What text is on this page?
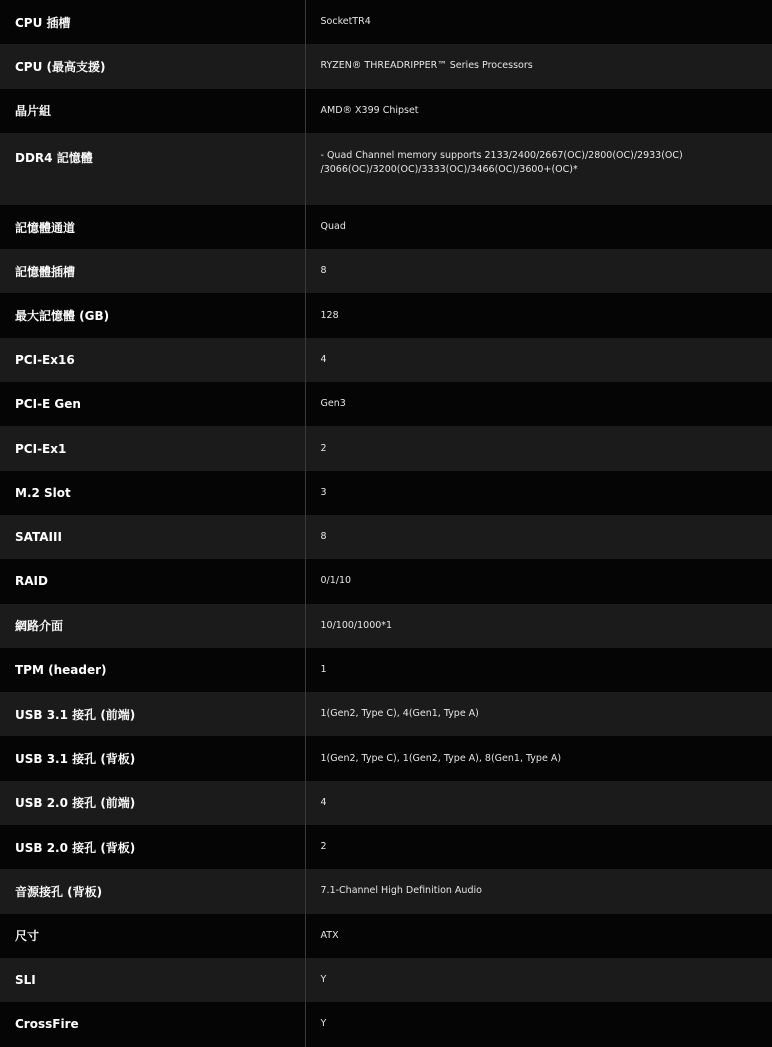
CPU 插槽	SocketTR4
CPU (最高支援)	RYZEN® THREADRIPPER™ Series Processors
晶片組	AMD® X399 Chipset
DDR4 記憶體	- Quad Channel memory supports 2133/2400/2667(OC)/2800(OC)/2933(OC)
/3066(OC)/3200(OC)/3333(OC)/3466(OC)/3600+(OC)*

記憶體通道	Quad
記憶體插槽	8
最大記憶體 (GB)	128
PCI-Ex16	4
PCI-E Gen	Gen3
PCI-Ex1	2
M.2 Slot	3
SATAIII	8
RAID	0/1/10
網路介面	10/100/1000*1
TPM (header)	1
USB 3.1 接孔 (前端)	1(Gen2, Type C), 4(Gen1, Type A)
USB 3.1 接孔 (背板)	1(Gen2, Type C), 1(Gen2, Type A), 8(Gen1, Type A)
USB 2.0 接孔 (前端)	4
USB 2.0 接孔 (背板)	2
音源接孔 (背板)	7.1-Channel High Definition Audio
尺寸	ATX
SLI	Y
CrossFire	Y
